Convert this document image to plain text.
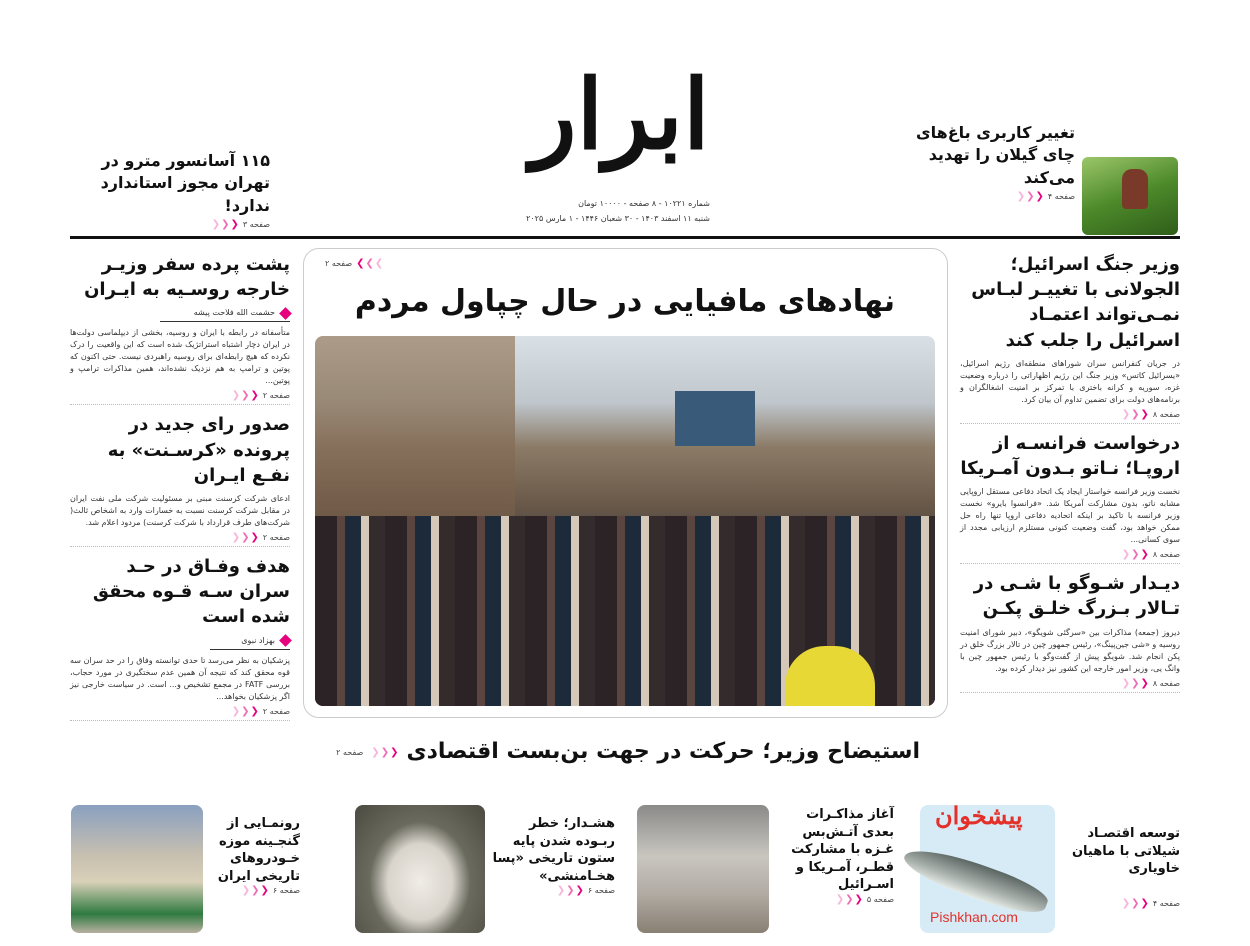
ابرار
شماره ۱۰۲۲۱ - ۸ صفحه - ۱۰۰۰۰ تومان
شنبه ۱۱ اسفند ۱۴۰۳ - ۳۰ شعبان ۱۴۴۶ - ۱ مارس ۲۰۲۵
۱۱۵ آسانسور مترو در تهران مجوز استاندارد ندارد!
صفحه ۳
❮
❮
❮
تغییر کاربری باغ‌های چای گیلان را تهدید می‌کند
صفحه ۴
❮
❮
❮
پشت پرده سفر وزیـر خارجه روسـیه به ایـران
حشمت الله فلاحت پیشه
متأسفانه در رابطه با ایران و روسیه، بخشی از دیپلماسی دولت‌ها در ایران دچار اشتباه استراتژیک شده است که این واقعیت را درک نکرده که هیچ رابطه‌ای برای روسیه راهبردی نیست. حتی اکنون که پوتین و ترامپ به هم نزدیک نشده‌اند، همین مذاکرات ترامپ و پوتین...
صفحه ۲
❮
❮
❮
صدور رای جدید در پرونده «کرسـنت» به نفـع ایـران
ادعای شرکت کرسنت مبنی بر مسئولیت شرکت ملی نفت ایران در مقابل شرکت کرسنت نسبت به خسارات وارد به اشخاص ثالث( شرکت‌های طرف قرارداد با شرکت کرسنت) مردود اعلام شد.
صفحه ۲
❮
❮
❮
هدف وفـاق در حـد سران سـه قـوه محقق شده است
بهزاد نبوی
پزشکیان به نظر می‌رسد تا حدی توانسته وفاق را در حد سران سه قوه محقق کند که نتیجه آن همین عدم سختگیری در مورد حجاب، بررسی FATF در مجمع تشخیص و... است. در سیاست خارجی نیز اگر پزشکیان بخواهد...
صفحه ۲
❮
❮
❮
صفحه ۲ ❮ ❮ ❮
نهادهای مافیایی در حال چپاول مردم
استیضاح وزیر؛ حرکت در جهت بن‌بست اقتصادی
❮
❮
❮
صفحه ۲
وزیر جنگ اسرائیل؛ الجولانی با تغییـر لبـاس نمـی‌تواند اعتمـاد اسرائیل را جلب کند
در جریان کنفرانس سران شوراهای منطقه‌ای رژیم اسرائیل، «یسرائیل کاتس» وزیر جنگ این رژیم اظهاراتی را درباره وضعیت غزه، سوریه و کرانه باختری با تمرکز بر امنیت اشغالگران و برنامه‌های دولت برای تضمین تداوم آن بیان کرد.
صفحه ۸
❮
❮
❮
درخواست فرانسـه از اروپـا؛ نـاتو بـدون آمـریکا
نخست وزیر فرانسه خواستار ایجاد یک اتحاد دفاعی مستقل اروپایی مشابه ناتو، بدون مشارکت آمریکا شد. «فرانسوا بایرو» نخست وزیر فرانسه با تاکید بر اینکه اتحادیه دفاعی اروپا تنها راه حل ممکن خواهد بود، گفت وضعیت کنونی مستلزم ارزیابی مجدد از سوی کسانی...
صفحه ۸
❮
❮
❮
دیـدار شـوگو با شـی در تـالار بـزرگ خلـق پکـن
دیروز (جمعه) مذاکرات بین «سرگئی شویگو»، دبیر شورای امنیت روسیه و «شی جین‌پینگ»، رئیس جمهور چین در تالار بزرگ خلق در پکن انجام شد. شویگو پیش از گفت‌وگو با رئیس جمهور چین با وانگ یی، وزیر امور خارجه این کشور نیز دیدار کرده بود.
صفحه ۸
❮
❮
❮
رونمـایی از گنجـینه موزه خـودروهای تاریخی ایران
صفحه ۶
❮
❮
❮
هشـدار؛ خطر ربـوده شدن پایه ستون تاریخی «پسا هخـامنشی»
صفحه ۶
❮
❮
❮
آغاز مذاکـرات بعدی آتـش‌بس غـزه با مشارکت قطـر، آمـریکا و اسـرائیل
صفحه ۵
❮
❮
❮
توسعه اقتصـاد شیلاتی با ماهیان خاویاری
صفحه ۴
❮
❮
❮
پیشخوان
Pishkhan.com
